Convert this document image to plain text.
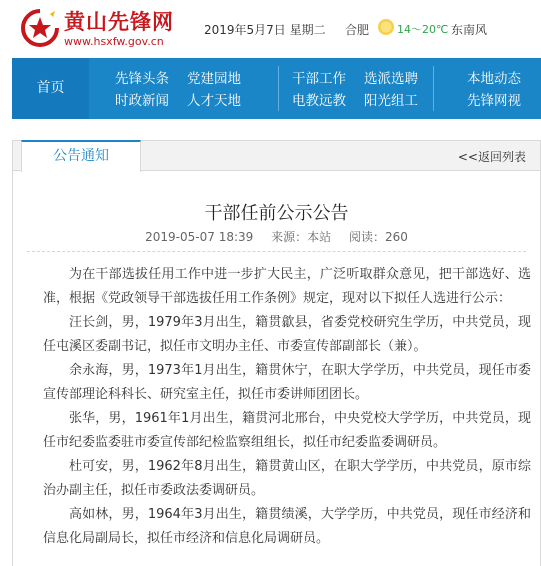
黄山先锋网
www.hsxfw.gov.cn
2019年5月7日 星期二 合肥	14～20℃ 东南风
首页
先锋头条 党建园地
时政新闻 人才天地
干部工作 选派选聘
电教远教 阳光组工
本地动态
先锋网视
公告通知	<<返回列表
干部任前公示公告
2019-05-07 18:39 来源：本站 阅读：260

为在干部选拔任用工作中进一步扩大民主，广泛听取群众意见，把干部选好、选准，根据《党政领导干部选拔任用工作条例》规定，现对以下拟任人选进行公示：

汪长剑，男，1979年3月出生，籍贯歙县，省委党校研究生学历，中共党员，现任屯溪区委副书记，拟任市文明办主任、市委宣传部副部长（兼）。

余永海，男，1973年1月出生，籍贯休宁，在职大学学历，中共党员，现任市委宣传部理论科科长、研究室主任，拟任市委讲师团团长。

张华，男，1961年1月出生，籍贯河北邢台，中央党校大学学历，中共党员，现任市纪委监委驻市委宣传部纪检监察组组长，拟任市纪委监委调研员。

杜可安，男，1962年8月出生，籍贯黄山区，在职大学学历，中共党员，原市综治办副主任，拟任市委政法委调研员。

高如林，男，1964年3月出生，籍贯绩溪，大学学历，中共党员，现任市经济和信息化局副局长，拟任市经济和信息化局调研员。
